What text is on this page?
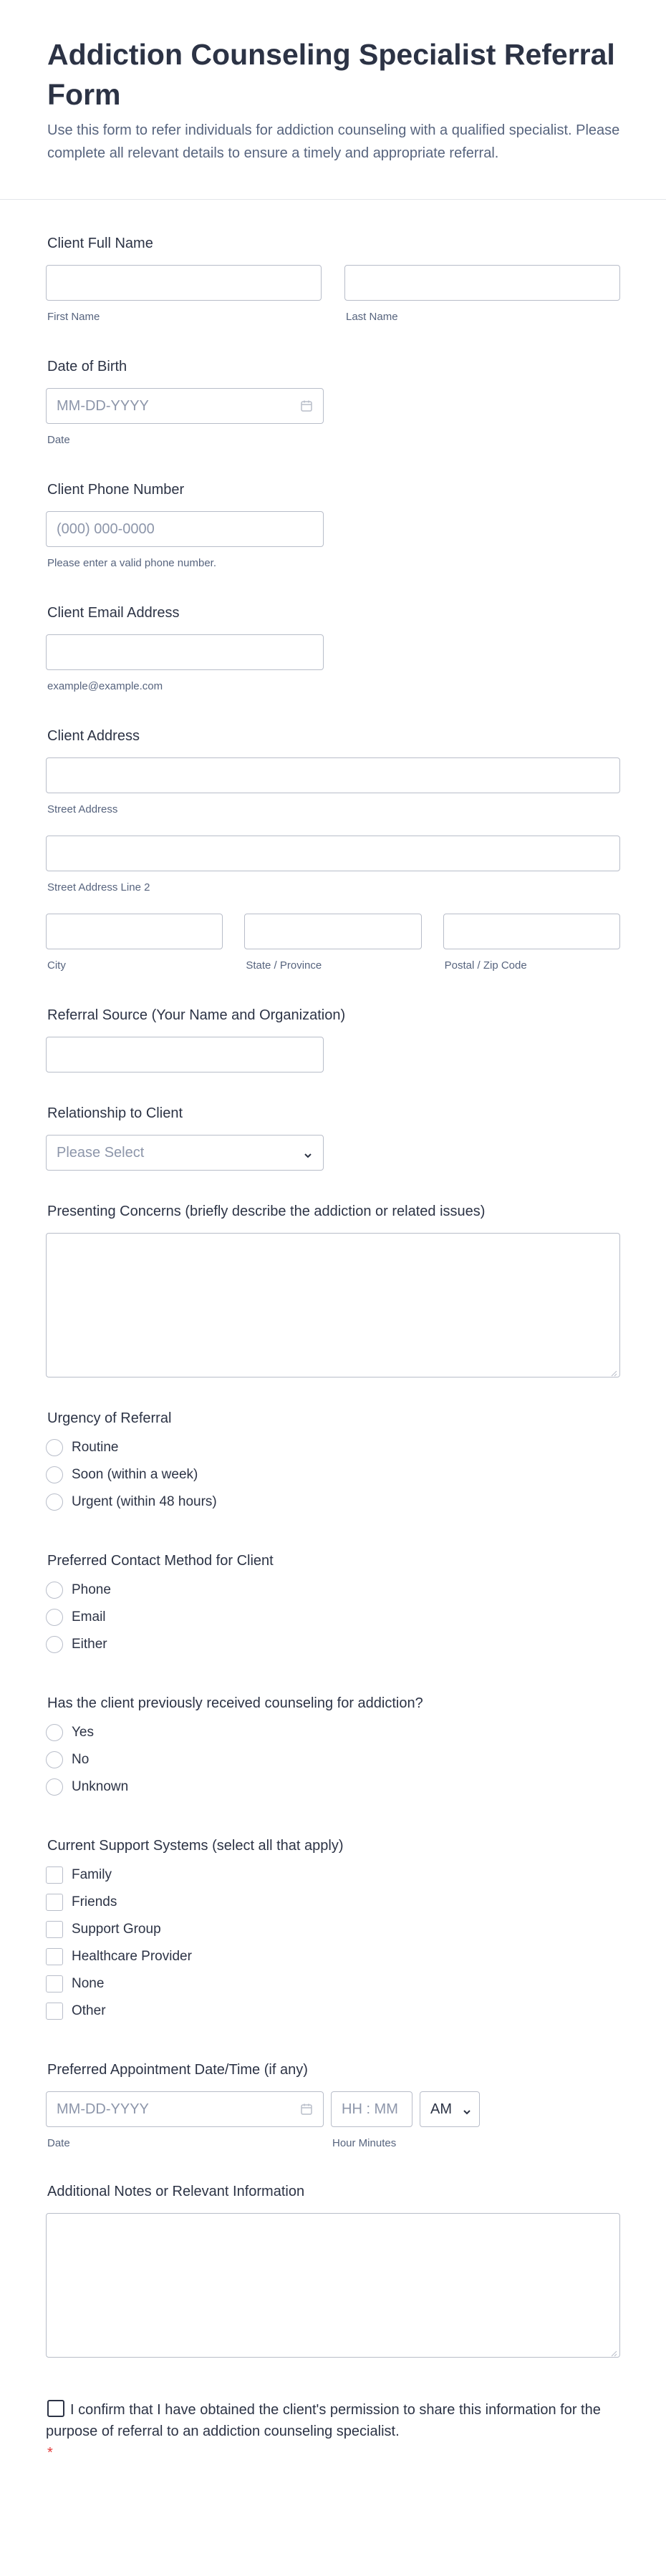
Addiction Counseling Specialist Referral Form

Use this form to refer individuals for addiction counseling with a qualified specialist. Please complete all relevant details to ensure a timely and appropriate referral.

Client Full Name
First Name	Last Name
Date of Birth
MM-DD-YYYY
Date
Client Phone Number
(000) 000-0000
Please enter a valid phone number.
Client Email Address
example@example.com
Client Address
Street Address
Street Address Line 2
City	State / Province	Postal / Zip Code
Referral Source (Your Name and Organization)
Relationship to Client
Please Select
Presenting Concerns (briefly describe the addiction or related issues)
Urgency of Referral
Routine
Soon (within a week)
Urgent (within 48 hours)
Preferred Contact Method for Client
Phone
Email
Either
Has the client previously received counseling for addiction?
Yes
No
Unknown
Current Support Systems (select all that apply)
Family
Friends
Support Group
Healthcare Provider
None
Other
Preferred Appointment Date/Time (if any)
MM-DD-YYYY
Date
HH : MM
Hour Minutes
AM
Additional Notes or Relevant Information
I confirm that I have obtained the client's permission to share this information for the purpose of referral to an addiction counseling specialist.
*
